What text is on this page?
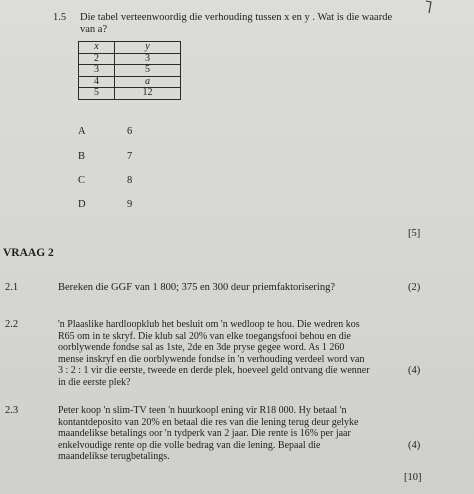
1.5 Die tabel verteenwoordig die verhouding tussen x en y . Wat is die waarde
van a?
x	y
2	3
3	5
4	a
5	12
A	6
B	7
C	8
D	9
[5]
VRAAG 2
2.1	Bereken die GGF van 1 800; 375 en 300 deur priemfaktorisering?	(2)
2.2	'n Plaaslike hardloopklub het besluit om 'n wedloop te hou. Die wedren kos
R65 om in te skryf. Die klub sal 20% van elke toegangsfooi behou en die
oorblywende fondse sal as 1ste, 2de en 3de pryse gegee word. As 1 260
mense inskryf en die oorblywende fondse in 'n verhouding verdeel word van
3 : 2 : 1 vir die eerste, tweede en derde plek, hoeveel geld ontvang die wenner
in die eerste plek?
(4)
2.3	Peter koop 'n slim-TV teen 'n huurkoopl ening vir R18 000. Hy betaal 'n
kontantdeposito van 20% en betaal die res van die lening terug deur gelyke
maandelikse betalings oor 'n tydperk van 2 jaar. Die rente is 16% per jaar
enkelvoudige rente op die volle bedrag van die lening. Bepaal die
maandelikse terugbetalings.
(4)
[10]
